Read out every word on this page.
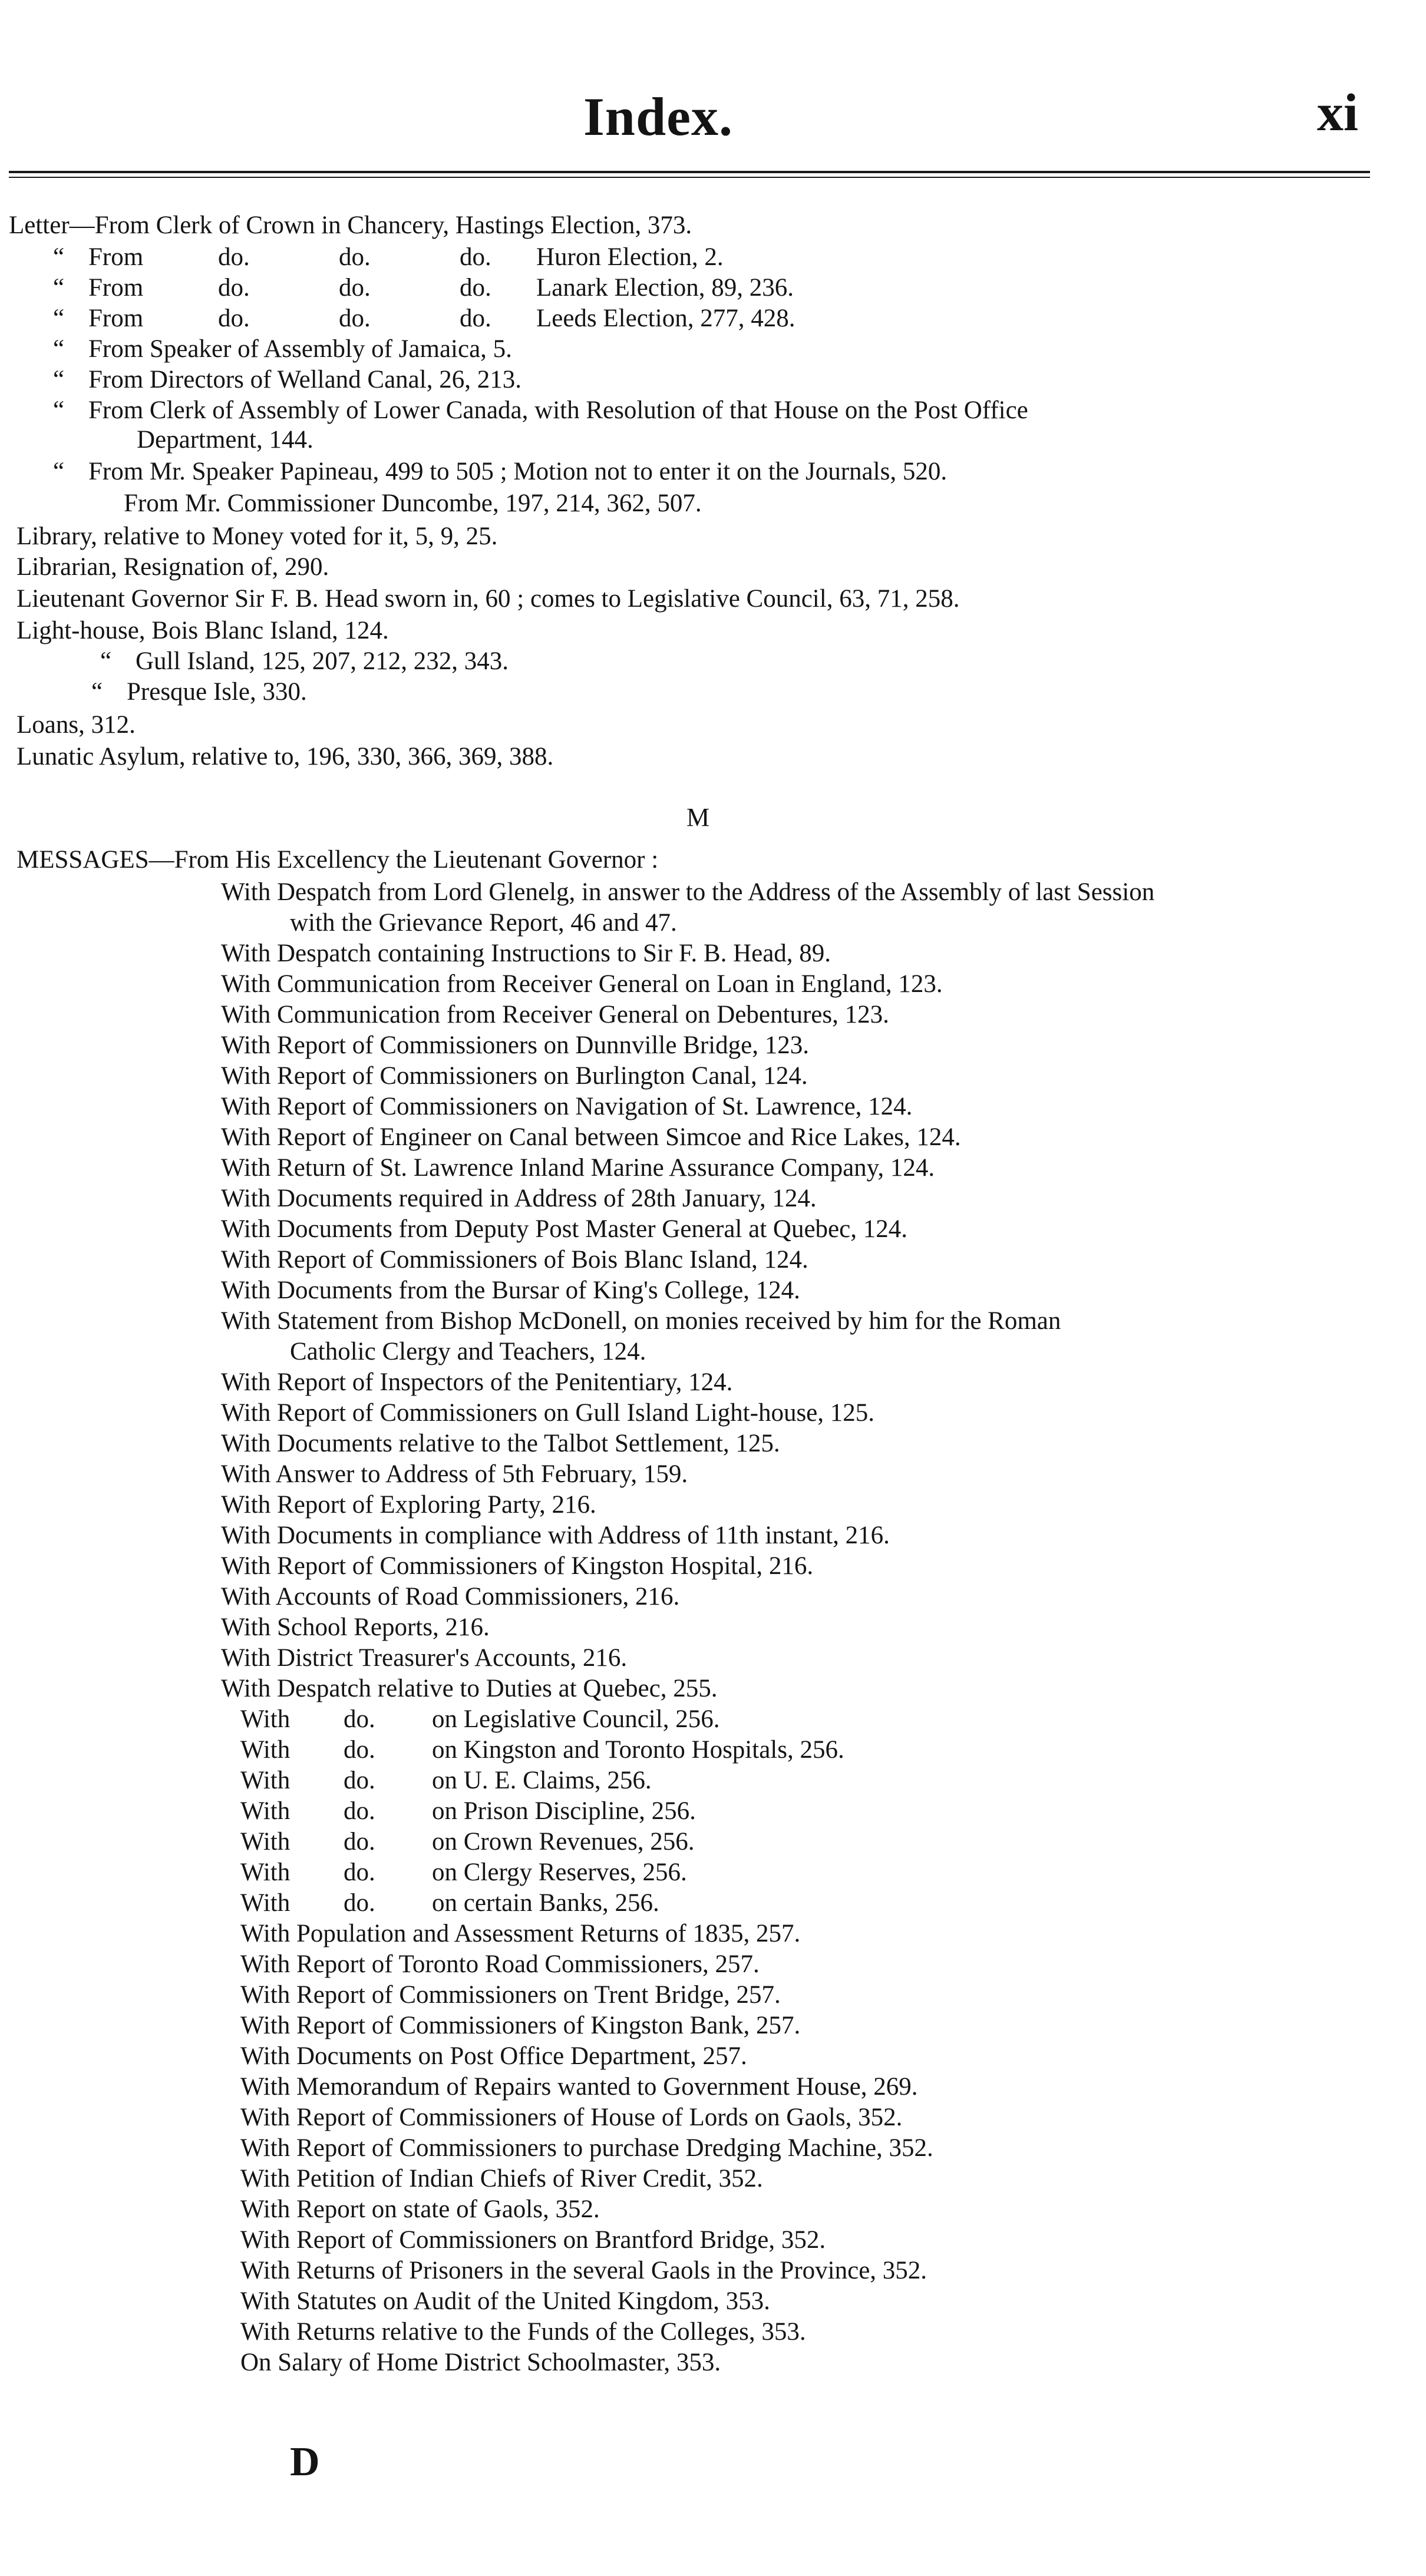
Index.	xi
Letter—From Clerk of Crown in Chancery, Hastings Election, 373.
“ From	do.	do.	do. Huron Election, 2.
“ From	do.	do.	do. Lanark Election, 89, 236.
“ From	do.	do.	do. Leeds Election, 277, 428.
“ From Speaker of Assembly of Jamaica, 5.
“ From Directors of Welland Canal, 26, 213.
“ From Clerk of Assembly of Lower Canada, with Resolution of that House on the Post Office
Department, 144.
“ From Mr. Speaker Papineau, 499 to 505 ; Motion not to enter it on the Journals, 520.
From Mr. Commissioner Duncombe, 197, 214, 362, 507.
Library, relative to Money voted for it, 5, 9, 25.
Librarian, Resignation of, 290.
Lieutenant Governor Sir F. B. Head sworn in, 60 ; comes to Legislative Council, 63, 71, 258.
Light-house, Bois Blanc Island, 124.
“ Gull Island, 125, 207, 212, 232, 343.
“ Presque Isle, 330.
Loans, 312.
Lunatic Asylum, relative to, 196, 330, 366, 369, 388.
M
MESSAGES—From His Excellency the Lieutenant Governor :
With Despatch from Lord Glenelg, in answer to the Address of the Assembly of last Session
with the Grievance Report, 46 and 47.
With Despatch containing Instructions to Sir F. B. Head, 89.
With Communication from Receiver General on Loan in England, 123.
With Communication from Receiver General on Debentures, 123.
With Report of Commissioners on Dunnville Bridge, 123.
With Report of Commissioners on Burlington Canal, 124.
With Report of Commissioners on Navigation of St. Lawrence, 124.
With Report of Engineer on Canal between Simcoe and Rice Lakes, 124.
With Return of St. Lawrence Inland Marine Assurance Company, 124.
With Documents required in Address of 28th January, 124.
With Documents from Deputy Post Master General at Quebec, 124.
With Report of Commissioners of Bois Blanc Island, 124.
With Documents from the Bursar of King's College, 124.
With Statement from Bishop McDonell, on monies received by him for the Roman
Catholic Clergy and Teachers, 124.
With Report of Inspectors of the Penitentiary, 124.
With Report of Commissioners on Gull Island Light-house, 125.
With Documents relative to the Talbot Settlement, 125.
With Answer to Address of 5th February, 159.
With Report of Exploring Party, 216.
With Documents in compliance with Address of 11th instant, 216.
With Report of Commissioners of Kingston Hospital, 216.
With Accounts of Road Commissioners, 216.
With School Reports, 216.
With District Treasurer's Accounts, 216.
With Despatch relative to Duties at Quebec, 255.
With do. on Legislative Council, 256.
With do. on Kingston and Toronto Hospitals, 256.
With do. on U. E. Claims, 256.
With do. on Prison Discipline, 256.
With do. on Crown Revenues, 256.
With do. on Clergy Reserves, 256.
With do. on certain Banks, 256.
With Population and Assessment Returns of 1835, 257.
With Report of Toronto Road Commissioners, 257.
With Report of Commissioners on Trent Bridge, 257.
With Report of Commissioners of Kingston Bank, 257.
With Documents on Post Office Department, 257.
With Memorandum of Repairs wanted to Government House, 269.
With Report of Commissioners of House of Lords on Gaols, 352.
With Report of Commissioners to purchase Dredging Machine, 352.
With Petition of Indian Chiefs of River Credit, 352.
With Report on state of Gaols, 352.
With Report of Commissioners on Brantford Bridge, 352.
With Returns of Prisoners in the several Gaols in the Province, 352.
With Statutes on Audit of the United Kingdom, 353.
With Returns relative to the Funds of the Colleges, 353.
On Salary of Home District Schoolmaster, 353.
D
